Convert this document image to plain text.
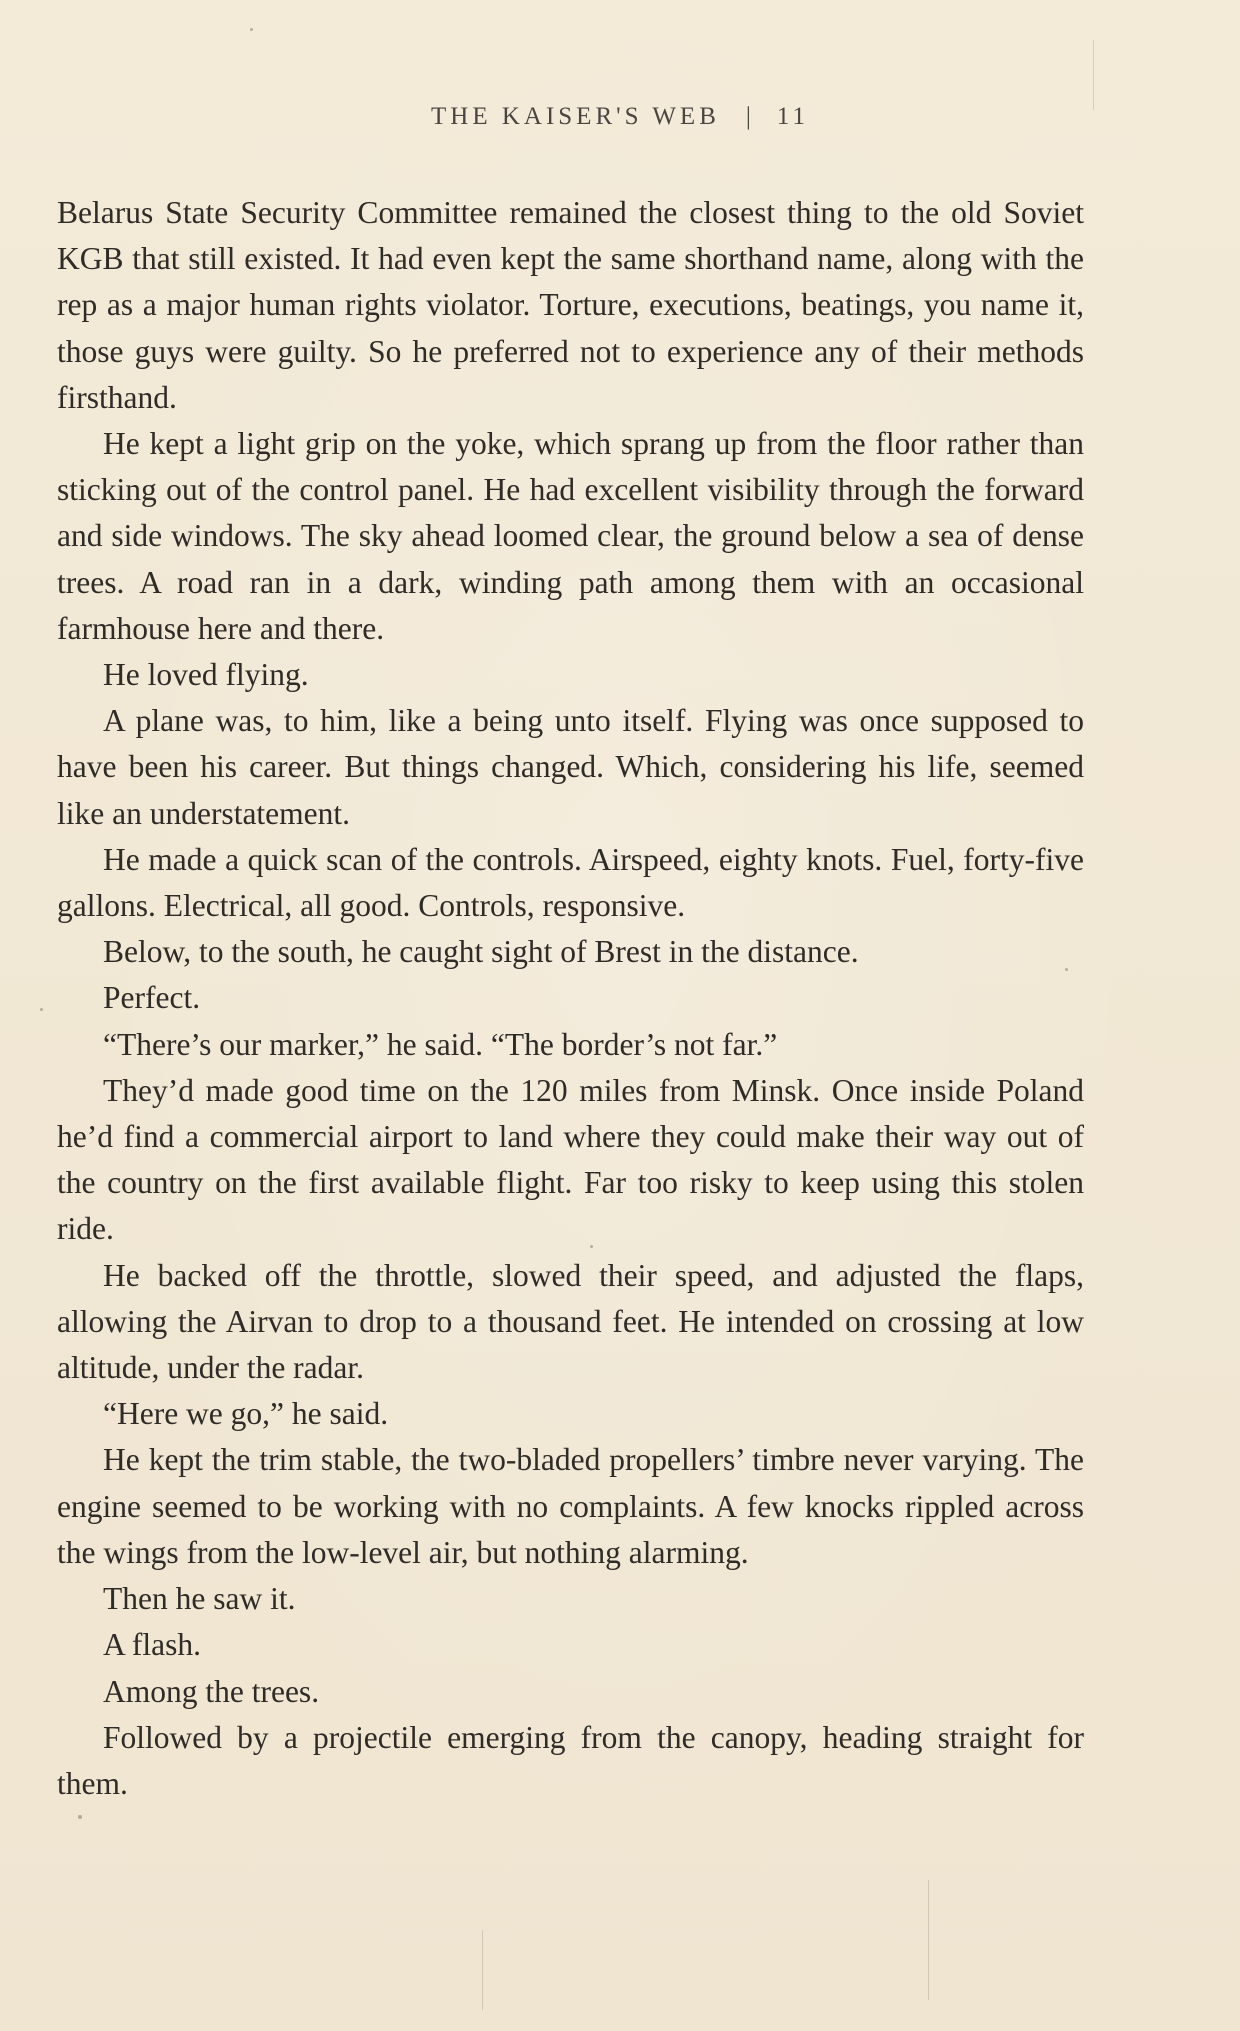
THE KAISER'S WEB | 11

Belarus State Security Committee remained the closest thing to the old Soviet KGB that still existed. It had even kept the same shorthand name, along with the rep as a major human rights violator. Torture, executions, beatings, you name it, those guys were guilty. So he preferred not to experience any of their methods firsthand.

He kept a light grip on the yoke, which sprang up from the floor rather than sticking out of the control panel. He had excellent visibility through the forward and side windows. The sky ahead loomed clear, the ground below a sea of dense trees. A road ran in a dark, winding path among them with an occasional farmhouse here and there.

He loved flying.

A plane was, to him, like a being unto itself. Flying was once supposed to have been his career. But things changed. Which, considering his life, seemed like an understatement.

He made a quick scan of the controls. Airspeed, eighty knots. Fuel, forty-five gallons. Electrical, all good. Controls, responsive.

Below, to the south, he caught sight of Brest in the distance.

Perfect.

“There’s our marker,” he said. “The border’s not far.”

They’d made good time on the 120 miles from Minsk. Once inside Poland he’d find a commercial airport to land where they could make their way out of the country on the first available flight. Far too risky to keep using this stolen ride.

He backed off the throttle, slowed their speed, and adjusted the flaps, allowing the Airvan to drop to a thousand feet. He intended on crossing at low altitude, under the radar.

“Here we go,” he said.

He kept the trim stable, the two-bladed propellers’ timbre never varying. The engine seemed to be working with no complaints. A few knocks rippled across the wings from the low-level air, but nothing alarming.

Then he saw it.

A flash.

Among the trees.

Followed by a projectile emerging from the canopy, heading straight for them.
